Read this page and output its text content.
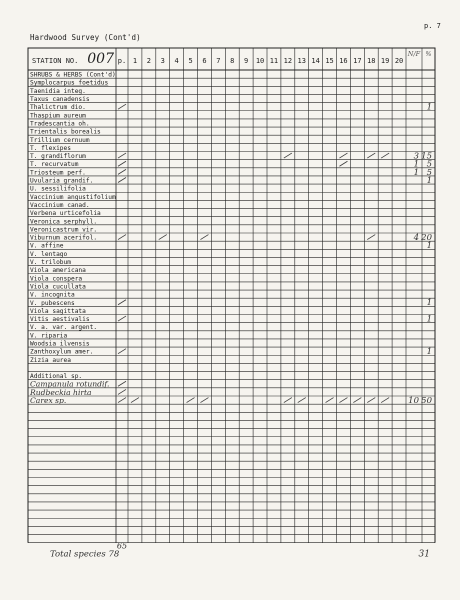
p. 7
Hardwood Survey (Cont'd)
STATION NO. 007 p. 1 2 3 4 5 6 7 8 9 10 11 12 13 14 15 16 17 18 19 20
N/F %
SHRUBS & HERBS (Cont'd)
Symplocarpus foetidus
Taenidia integ.
Taxus canadensis
Thalictrum dio.
Thaspium aureum
Tradescantia oh.
Trientalis borealis
Trillium cernuum
T. flexipes
T. grandiflorum
T. recurvatum
Triosteum perf.
Uvularia grandif.
U. sessilifolia
Vaccinium angustifolium
Vaccinium canad.
Verbena urticefolia
Veronica serphyll.
Veronicastrum vir.
Viburnum acerifol.
V. affine
V. lentago
V. trilobum
Viola americana
Viola conspera
Viola cucullata
V. incognita
V. pubescens
Viola sagittata
Vitis aestivalis
V. a. var. argent.
V. riparia
Woodsia ilvensis
Zanthoxylum amer.
Zizia aurea
Additional sp.
Campanula rotundif.
Rudbeckia hirta
Carex sp.
1
3 15
1 5
1 5
1
4 20
1
1
1
1
10 50
65
Total species 78	31
